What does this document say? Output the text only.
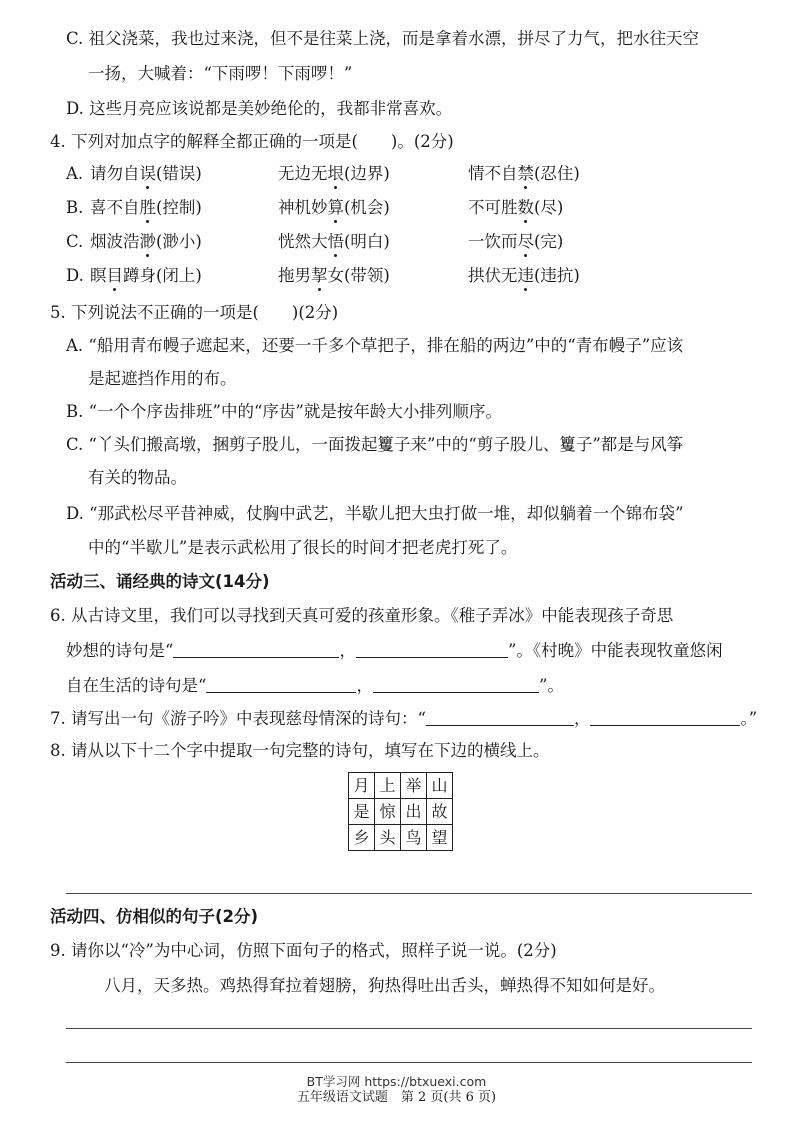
C. 祖父浇菜，我也过来浇，但不是往菜上浇，而是拿着水漂，拼尽了力气，把水往天空
一扬，大喊着：“下雨啰！下雨啰！”
D. 这些月亮应该说都是美妙绝伦的，我都非常喜欢。
4. 下列对加点字的解释全都正确的一项是(　　)。(2分)
A. 请勿自误(错误)	无边无垠(边界)	情不自禁(忍住)
B. 喜不自胜(控制)	神机妙算(机会)	不可胜数(尽)
C. 烟波浩渺(渺小)	恍然大悟(明白)	一饮而尽(完)
D. 瞑目蹲身(闭上)	拖男挈女(带领)	拱伏无违(违抗)
5. 下列说法不正确的一项是(　　)(2分)
A. “船用青布幔子遮起来，还要一千多个草把子，排在船的两边”中的“青布幔子”应该
是起遮挡作用的布。
B. “一个个序齿排班”中的“序齿”就是按年龄大小排列顺序。
C. “丫头们搬高墩，捆剪子股儿，一面拨起籰子来”中的“剪子股儿、籰子”都是与风筝
有关的物品。
D. “那武松尽平昔神威，仗胸中武艺，半歇儿把大虫打做一堆，却似躺着一个锦布袋”
中的“半歇儿”是表示武松用了很长的时间才把老虎打死了。
活动三、诵经典的诗文(14分)
6. 从古诗文里，我们可以寻找到天真可爱的孩童形象。《稚子弄冰》中能表现孩子奇思
妙想的诗句是“	，	”。《村晚》中能表现牧童悠闲
自在生活的诗句是“	，	”。
7. 请写出一句《游子吟》中表现慈母情深的诗句：“	，	。”
8. 请从以下十二个字中提取一句完整的诗句，填写在下边的横线上。
月	上	举	山
是	惊	出	故
乡	头	鸟	望
活动四、仿相似的句子(2分)
9. 请你以“冷”为中心词，仿照下面句子的格式，照样子说一说。(2分)
八月，天多热。鸡热得耷拉着翅膀，狗热得吐出舌头，蝉热得不知如何是好。
BT学习网 https://btxuexi.com
五年级语文试题　第 2 页(共 6 页)
